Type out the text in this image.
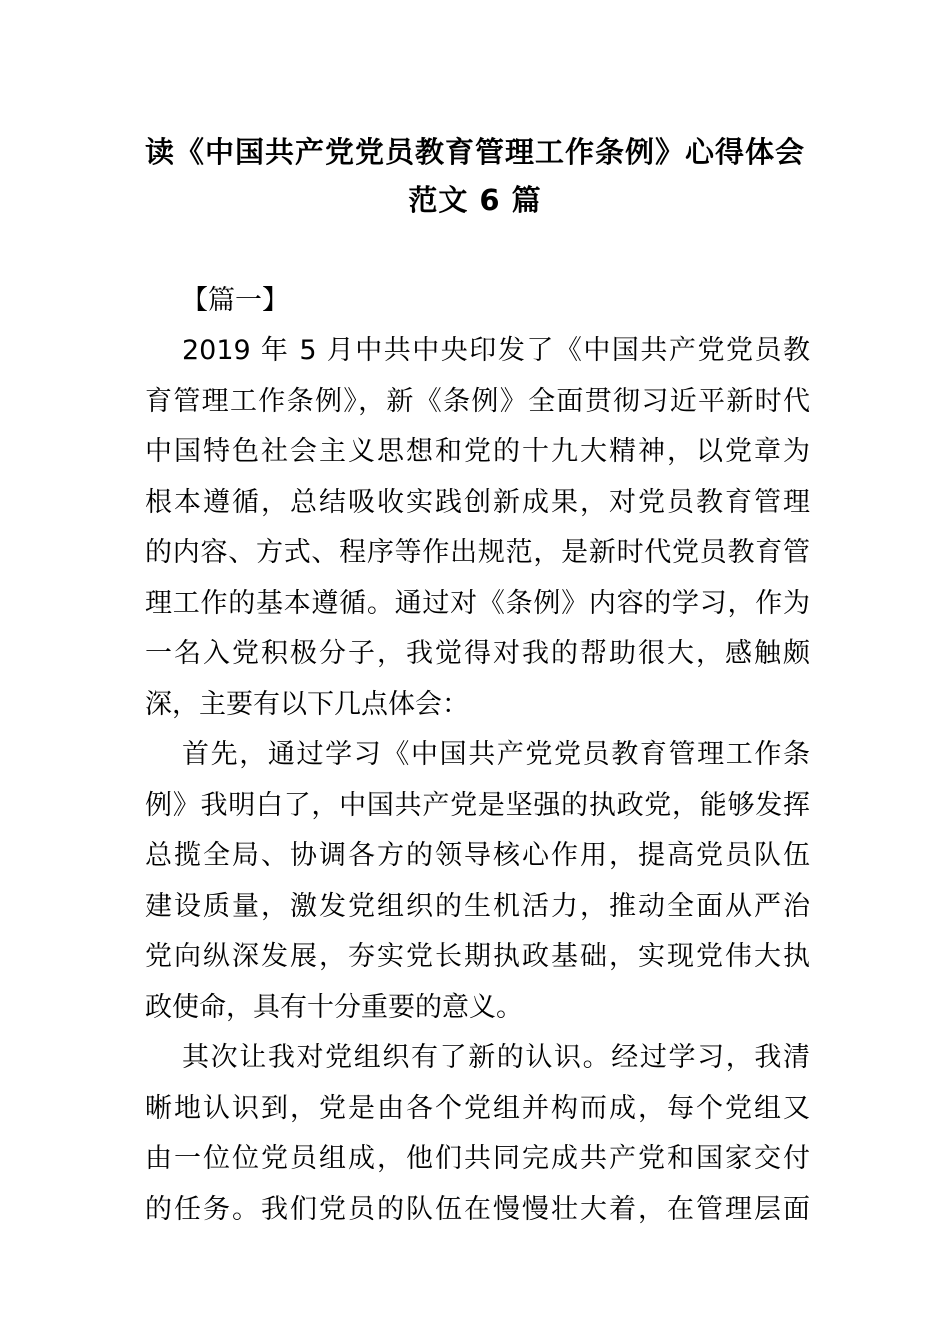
读《中国共产党党员教育管理工作条例》心得体会
范文 6 篇
【篇一】
2019 年 5 月中共中央印发了《中国共产党党员教
育管理工作条例》，新《条例》全面贯彻习近平新时代
中国特色社会主义思想和党的十九大精神，以党章为
根本遵循，总结吸收实践创新成果，对党员教育管理
的内容、方式、程序等作出规范，是新时代党员教育管
理工作的基本遵循。通过对《条例》内容的学习，作为
一名入党积极分子，我觉得对我的帮助很大，感触颇
深，主要有以下几点体会：
首先，通过学习《中国共产党党员教育管理工作条
例》我明白了，中国共产党是坚强的执政党，能够发挥
总揽全局、协调各方的领导核心作用，提高党员队伍
建设质量，激发党组织的生机活力，推动全面从严治
党向纵深发展，夯实党长期执政基础，实现党伟大执
政使命，具有十分重要的意义。
其次让我对党组织有了新的认识。经过学习，我清
晰地认识到，党是由各个党组并构而成，每个党组又
由一位位党员组成，他们共同完成共产党和国家交付
的任务。我们党员的队伍在慢慢壮大着，在管理层面
